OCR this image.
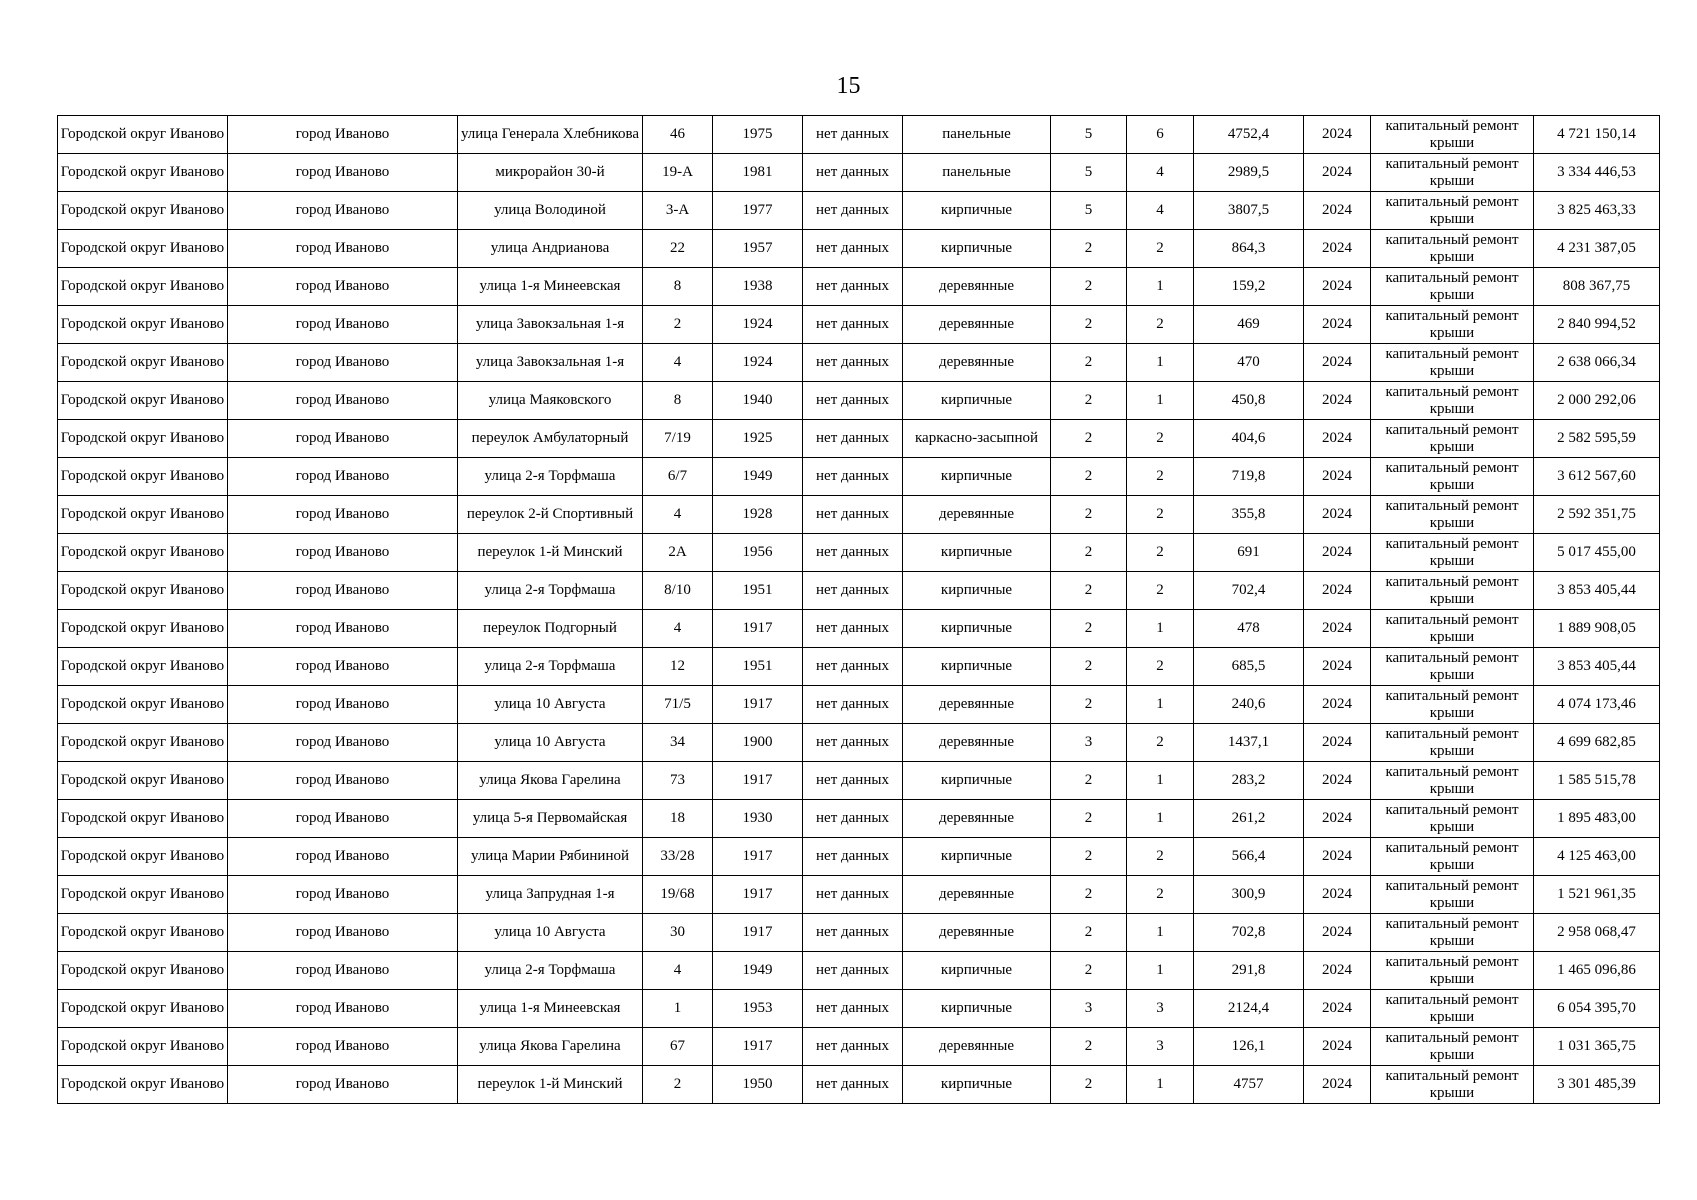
15
Городской округ Иваново	город Иваново	улица Генерала Хлебникова	46	1975	нет данных	панельные	5	6	4752,4	2024	капитальный ремонт крыши	4 721 150,14
Городской округ Иваново	город Иваново	микрорайон 30-й	19-А	1981	нет данных	панельные	5	4	2989,5	2024	капитальный ремонт крыши	3 334 446,53
Городской округ Иваново	город Иваново	улица Володиной	3-А	1977	нет данных	кирпичные	5	4	3807,5	2024	капитальный ремонт крыши	3 825 463,33
Городской округ Иваново	город Иваново	улица Андрианова	22	1957	нет данных	кирпичные	2	2	864,3	2024	капитальный ремонт крыши	4 231 387,05
Городской округ Иваново	город Иваново	улица 1-я Минеевская	8	1938	нет данных	деревянные	2	1	159,2	2024	капитальный ремонт крыши	808 367,75
Городской округ Иваново	город Иваново	улица Завокзальная 1-я	2	1924	нет данных	деревянные	2	2	469	2024	капитальный ремонт крыши	2 840 994,52
Городской округ Иваново	город Иваново	улица Завокзальная 1-я	4	1924	нет данных	деревянные	2	1	470	2024	капитальный ремонт крыши	2 638 066,34
Городской округ Иваново	город Иваново	улица Маяковского	8	1940	нет данных	кирпичные	2	1	450,8	2024	капитальный ремонт крыши	2 000 292,06
Городской округ Иваново	город Иваново	переулок Амбулаторный	7/19	1925	нет данных	каркасно-засыпной	2	2	404,6	2024	капитальный ремонт крыши	2 582 595,59
Городской округ Иваново	город Иваново	улица 2-я Торфмаша	6/7	1949	нет данных	кирпичные	2	2	719,8	2024	капитальный ремонт крыши	3 612 567,60
Городской округ Иваново	город Иваново	переулок 2-й Спортивный	4	1928	нет данных	деревянные	2	2	355,8	2024	капитальный ремонт крыши	2 592 351,75
Городской округ Иваново	город Иваново	переулок 1-й Минский	2А	1956	нет данных	кирпичные	2	2	691	2024	капитальный ремонт крыши	5 017 455,00
Городской округ Иваново	город Иваново	улица 2-я Торфмаша	8/10	1951	нет данных	кирпичные	2	2	702,4	2024	капитальный ремонт крыши	3 853 405,44
Городской округ Иваново	город Иваново	переулок Подгорный	4	1917	нет данных	кирпичные	2	1	478	2024	капитальный ремонт крыши	1 889 908,05
Городской округ Иваново	город Иваново	улица 2-я Торфмаша	12	1951	нет данных	кирпичные	2	2	685,5	2024	капитальный ремонт крыши	3 853 405,44
Городской округ Иваново	город Иваново	улица 10 Августа	71/5	1917	нет данных	деревянные	2	1	240,6	2024	капитальный ремонт крыши	4 074 173,46
Городской округ Иваново	город Иваново	улица 10 Августа	34	1900	нет данных	деревянные	3	2	1437,1	2024	капитальный ремонт крыши	4 699 682,85
Городской округ Иваново	город Иваново	улица Якова Гарелина	73	1917	нет данных	кирпичные	2	1	283,2	2024	капитальный ремонт крыши	1 585 515,78
Городской округ Иваново	город Иваново	улица 5-я Первомайская	18	1930	нет данных	деревянные	2	1	261,2	2024	капитальный ремонт крыши	1 895 483,00
Городской округ Иваново	город Иваново	улица Марии Рябининой	33/28	1917	нет данных	кирпичные	2	2	566,4	2024	капитальный ремонт крыши	4 125 463,00
Городской округ Иваново	город Иваново	улица Запрудная 1-я	19/68	1917	нет данных	деревянные	2	2	300,9	2024	капитальный ремонт крыши	1 521 961,35
Городской округ Иваново	город Иваново	улица 10 Августа	30	1917	нет данных	деревянные	2	1	702,8	2024	капитальный ремонт крыши	2 958 068,47
Городской округ Иваново	город Иваново	улица 2-я Торфмаша	4	1949	нет данных	кирпичные	2	1	291,8	2024	капитальный ремонт крыши	1 465 096,86
Городской округ Иваново	город Иваново	улица 1-я Минеевская	1	1953	нет данных	кирпичные	3	3	2124,4	2024	капитальный ремонт крыши	6 054 395,70
Городской округ Иваново	город Иваново	улица Якова Гарелина	67	1917	нет данных	деревянные	2	3	126,1	2024	капитальный ремонт крыши	1 031 365,75
Городской округ Иваново	город Иваново	переулок 1-й Минский	2	1950	нет данных	кирпичные	2	1	4757	2024	капитальный ремонт крыши	3 301 485,39
